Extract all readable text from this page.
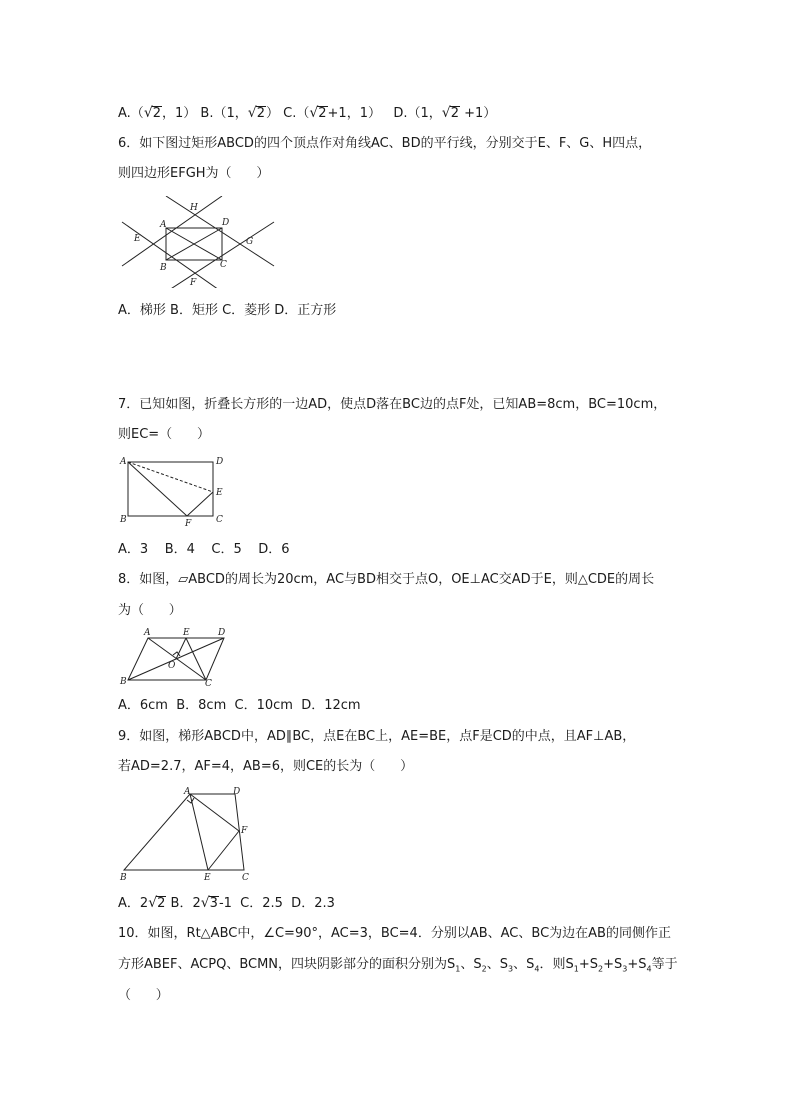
A.（√2，1） B.（1，√2） C.（√2+1，1）   D.（1，√2 +1）
6．如下图过矩形ABCD的四个顶点作对角线AC、BD的平行线，分别交于E、F、G、H四点，
则四边形EFGH为（      ）
A
B	C
D
E
F
G
H
A．梯形 B．矩形 C．菱形 D．正方形
7．已知如图，折叠长方形的一边AD，使点D落在BC边的点F处，已知AB=8cm，BC=10cm，
则EC=（      ）
A	D
E
B	F	C
A．3    B．4    C．5    D．6
8．如图，▱ABCD的周长为20cm，AC与BD相交于点O，OE⊥AC交AD于E，则△CDE的周长
为（      ）
A	E	D
O
B	C
A．6cm  B．8cm  C．10cm  D．12cm
9．如图，梯形ABCD中，AD∥BC，点E在BC上，AE=BE，点F是CD的中点，且AF⊥AB，
若AD=2.7，AF=4，AB=6，则CE的长为（      ）
A	D
F
B	E	C
A．2√2 B．2√3-1  C．2.5  D．2.3
10．如图，Rt△ABC中，∠C=90°，AC=3，BC=4．分别以AB、AC、BC为边在AB的同侧作正
方形ABEF、ACPQ、BCMN，四块阴影部分的面积分别为$S_1$、$S_2$、$S_3$、$S_4$．则$S_1+S_2+S_3+S_4$等于
（      ）
